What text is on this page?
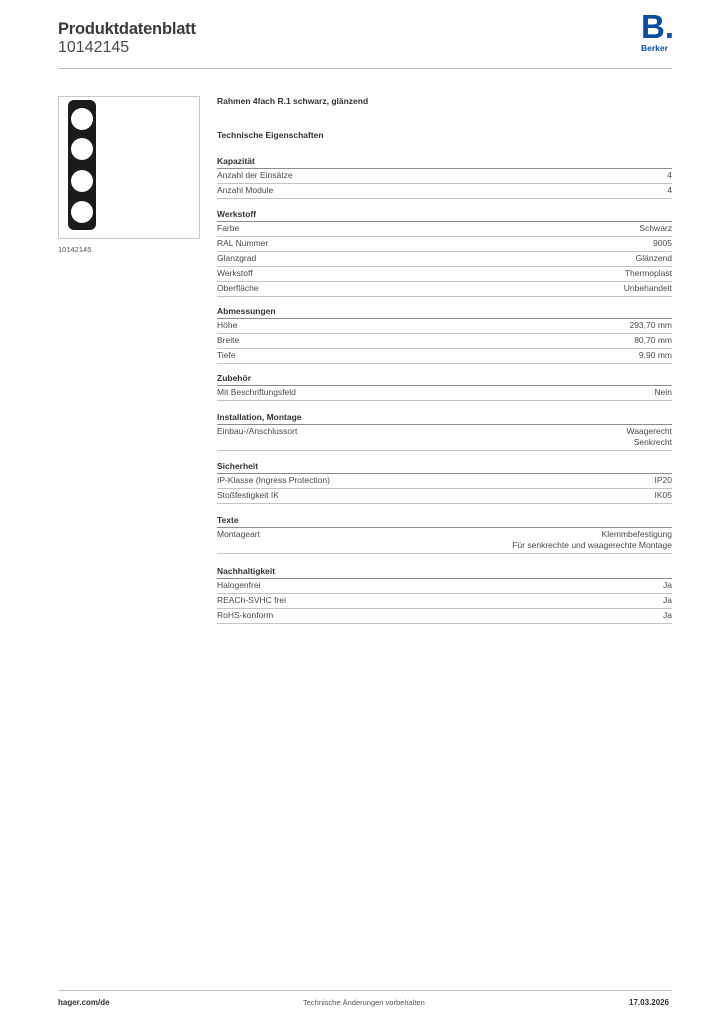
Produktdatenblatt
10142145
B.
Berker
10142145
Rahmen 4fach R.1 schwarz, glänzend
Technische Eigenschaften
Kapazität
Anzahl der Einsätze	4
Anzahl Module	4
Werkstoff
Farbe	Schwarz
RAL Nummer	9005
Glanzgrad	Glänzend
Werkstoff	Thermoplast
Oberfläche	Unbehandelt
Abmessungen
Höhe	293,70 mm
Breite	80,70 mm
Tiefe	9,90 mm
Zubehör
Mit Beschriftungsfeld	Nein
Installation, Montage
Einbau-/Anschlussort	Waagerecht
Senkrecht
Sicherheit
IP-Klasse (Ingress Protection)	IP20
Stoßfestigkeit IK	IK05
Texte
Montageart	Klemmbefestigung
Für senkrechte und waagerechte Montage
Nachhaltigkeit
Halogenfrei	Ja
REACh-SVHC frei	Ja
RoHS-konform	Ja
hager.com/de	Technische Änderungen vorbehalten	17.03.2026
